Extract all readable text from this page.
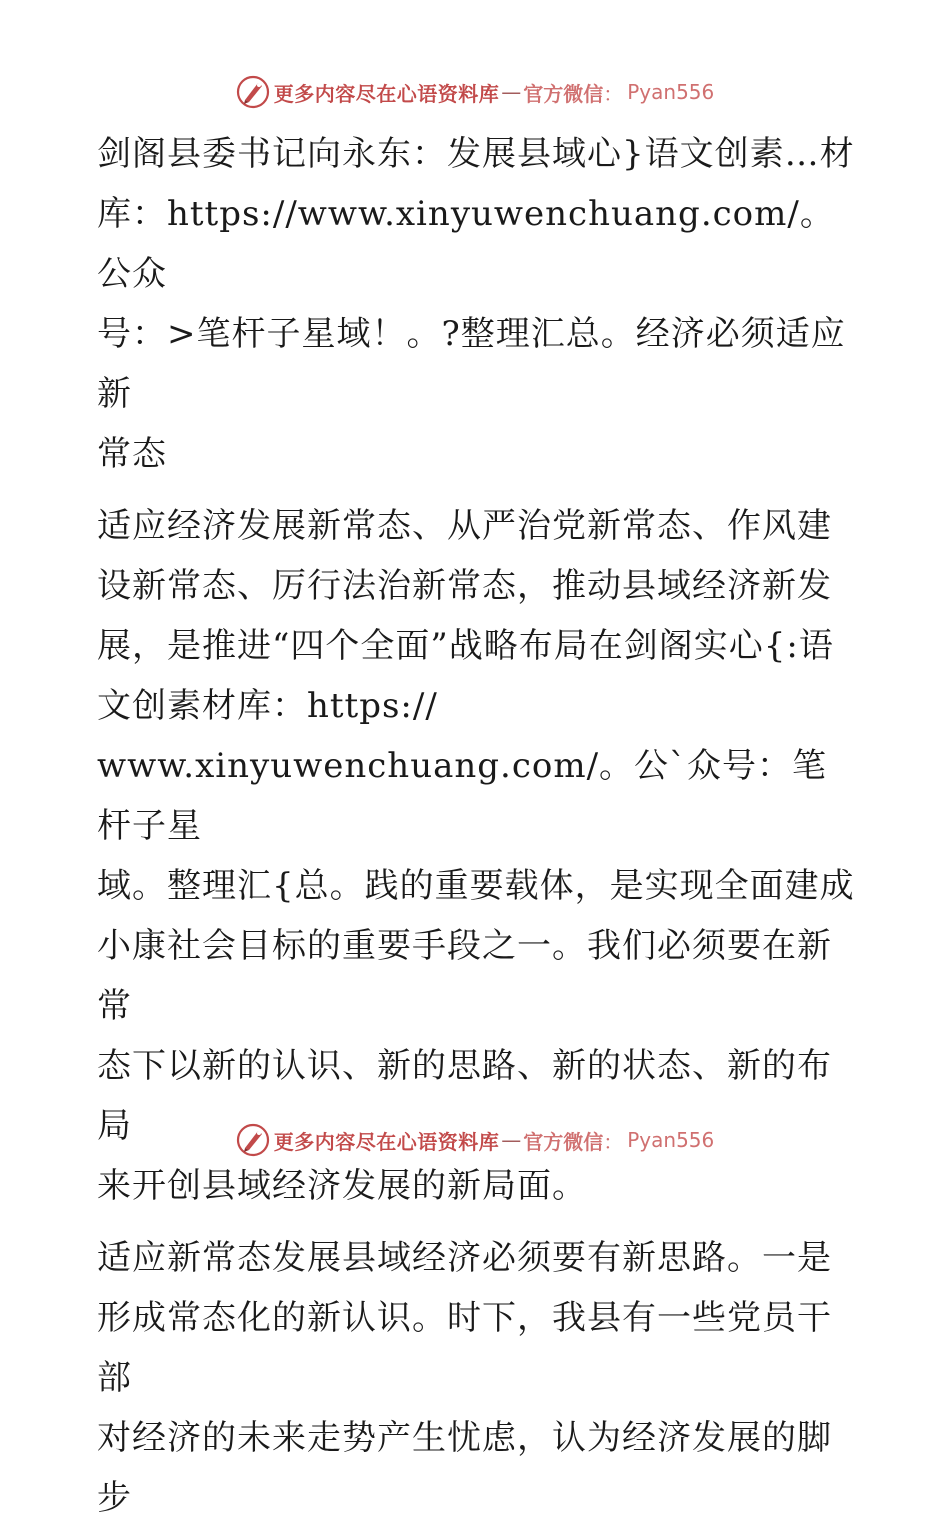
更多内容尽在心语资料库 — 官方微信 ： Pyan556

剑阁县委书记向永东：发展县域心}语文创素…材
库：https://www.xinyuwenchuang.com/。公众
号：>笔杆子星域！。?整理汇总。经济必须适应新
常态

适应经济发展新常态、从严治党新常态、作风建
设新常态、厉行法治新常态，推动县域经济新发
展，是推进“四个全面”战略布局在剑阁实心{:语
文创素材库：https://
www.xinyuwenchuang.com/。公`众号：笔杆子星
域。整理汇{总。践的重要载体，是实现全面建成
小康社会目标的重要手段之一。我们必须要在新常
态下以新的认识、新的思路、新的状态、新的布局
来开创县域经济发展的新局面。

适应新常态发展县域经济必须要有新思路。一是
形成常态化的新认识。时下，我县有一些党员干部
对经济的未来走势产生忧虑，认为经济发展的脚步

更多内容尽在心语资料库 — 官方微信 ： Pyan556
